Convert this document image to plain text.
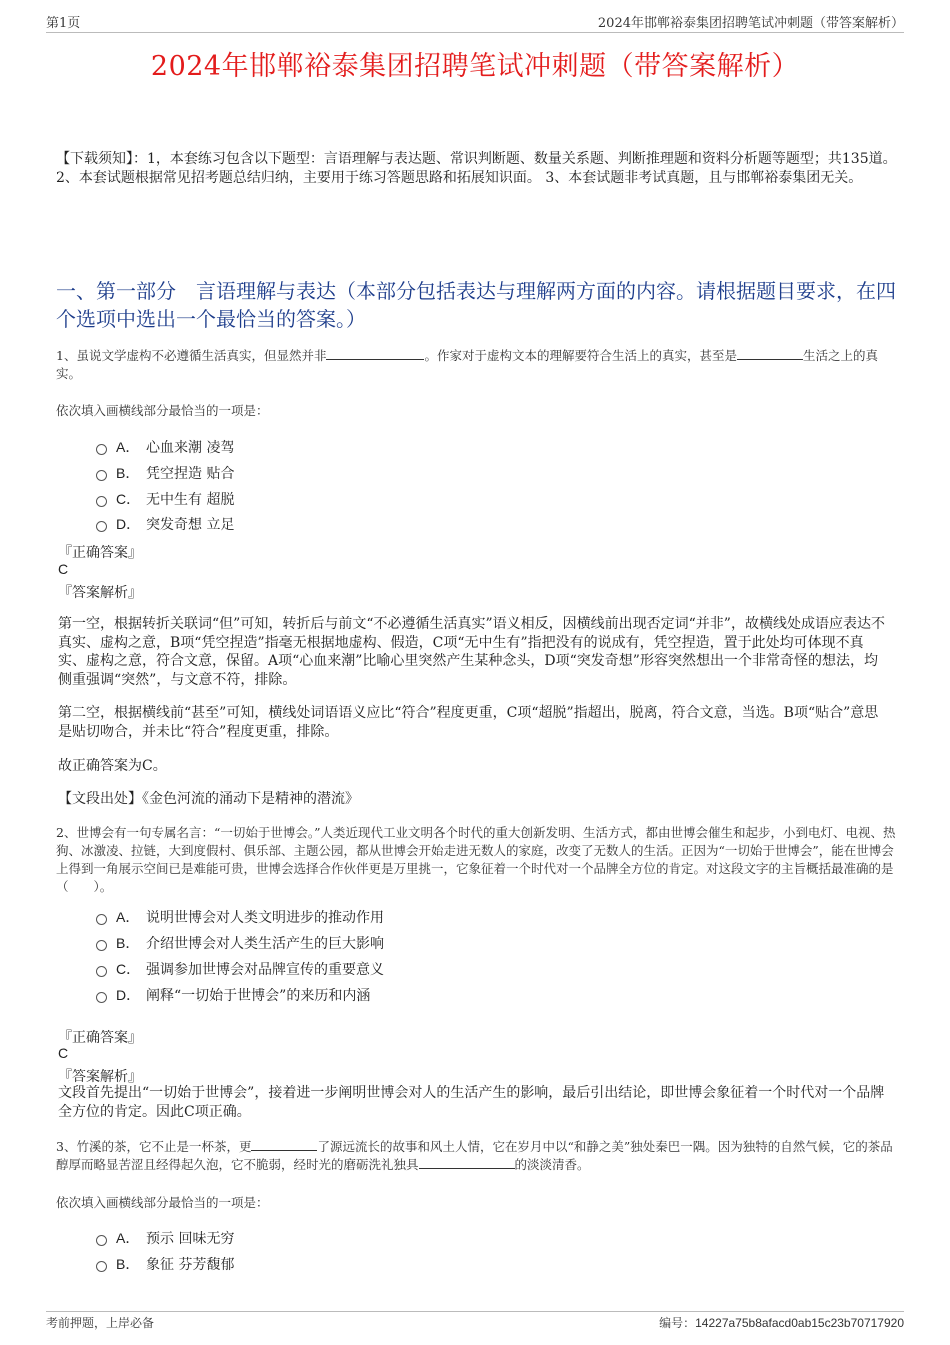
第1页	2024年邯郸裕泰集团招聘笔试冲刺题（带答案解析）
2024年邯郸裕泰集团招聘笔试冲刺题（带答案解析）
【下载须知】：1，本套练习包含以下题型：言语理解与表达题、常识判断题、数量关系题、判断推理题和资料分析题等题型；共135道。 2、本套试题根据常见招考题总结归纳，主要用于练习答题思路和拓展知识面。 3、本套试题非考试真题，且与邯郸裕泰集团无关。
一、第一部分　言语理解与表达（本部分包括表达与理解两方面的内容。请根据题目要求，在四个选项中选出一个最恰当的答案。）
1、虽说文学虚构不必遵循生活真实，但显然并非	。作家对于虚构文本的理解要符合生活上的真实，甚至是	生活之上的真实。
依次填入画横线部分最恰当的一项是：
A． 心血来潮 凌驾
B． 凭空捏造 贴合
C． 无中生有 超脱
D． 突发奇想 立足
『正确答案』
C
『答案解析』
第一空，根据转折关联词“但”可知，转折后与前文“不必遵循生活真实”语义相反，因横线前出现否定词“并非”，故横线处成语应表达不真实、虚构之意，B项“凭空捏造”指毫无根据地虚构、假造，C项“无中生有”指把没有的说成有，凭空捏造，置于此处均可体现不真实、虚构之意，符合文意，保留。A项“心血来潮”比喻心里突然产生某种念头，D项“突发奇想”形容突然想出一个非常奇怪的想法，均侧重强调“突然”，与文意不符，排除。
第二空，根据横线前“甚至”可知，横线处词语语义应比“符合”程度更重，C项“超脱”指超出，脱离，符合文意，当选。B项“贴合”意思是贴切吻合，并未比“符合”程度更重，排除。
故正确答案为C。
【文段出处】《金色河流的涌动下是精神的潜流》
2、世博会有一句专属名言：“一切始于世博会。”人类近现代工业文明各个时代的重大创新发明、生活方式，都由世博会催生和起步，小到电灯、电视、热狗、冰激凌、拉链，大到度假村、俱乐部、主题公园，都从世博会开始走进无数人的家庭，改变了无数人的生活。正因为“一切始于世博会”，能在世博会上得到一角展示空间已是难能可贵，世博会选择合作伙伴更是万里挑一，它象征着一个时代对一个品牌全方位的肯定。对这段文字的主旨概括最准确的是（　　）。
A． 说明世博会对人类文明进步的推动作用
B． 介绍世博会对人类生活产生的巨大影响
C． 强调参加世博会对品牌宣传的重要意义
D． 阐释“一切始于世博会”的来历和内涵
『正确答案』
C
『答案解析』
文段首先提出“一切始于世博会”，接着进一步阐明世博会对人的生活产生的影响，最后引出结论，即世博会象征着一个时代对一个品牌全方位的肯定。因此C项正确。
3、竹溪的茶，它不止是一杯茶，更	了源远流长的故事和风土人情，它在岁月中以“和静之美”独处秦巴一隅。因为独特的自然气候，它的茶品醇厚而略显苦涩且经得起久泡，它不脆弱，经时光的磨砺洗礼独具	的淡淡清香。
依次填入画横线部分最恰当的一项是：
A． 预示 回味无穷
B． 象征 芬芳馥郁
考前押题，上岸必备	编号：14227a75b8afacd0ab15c23b70717920
